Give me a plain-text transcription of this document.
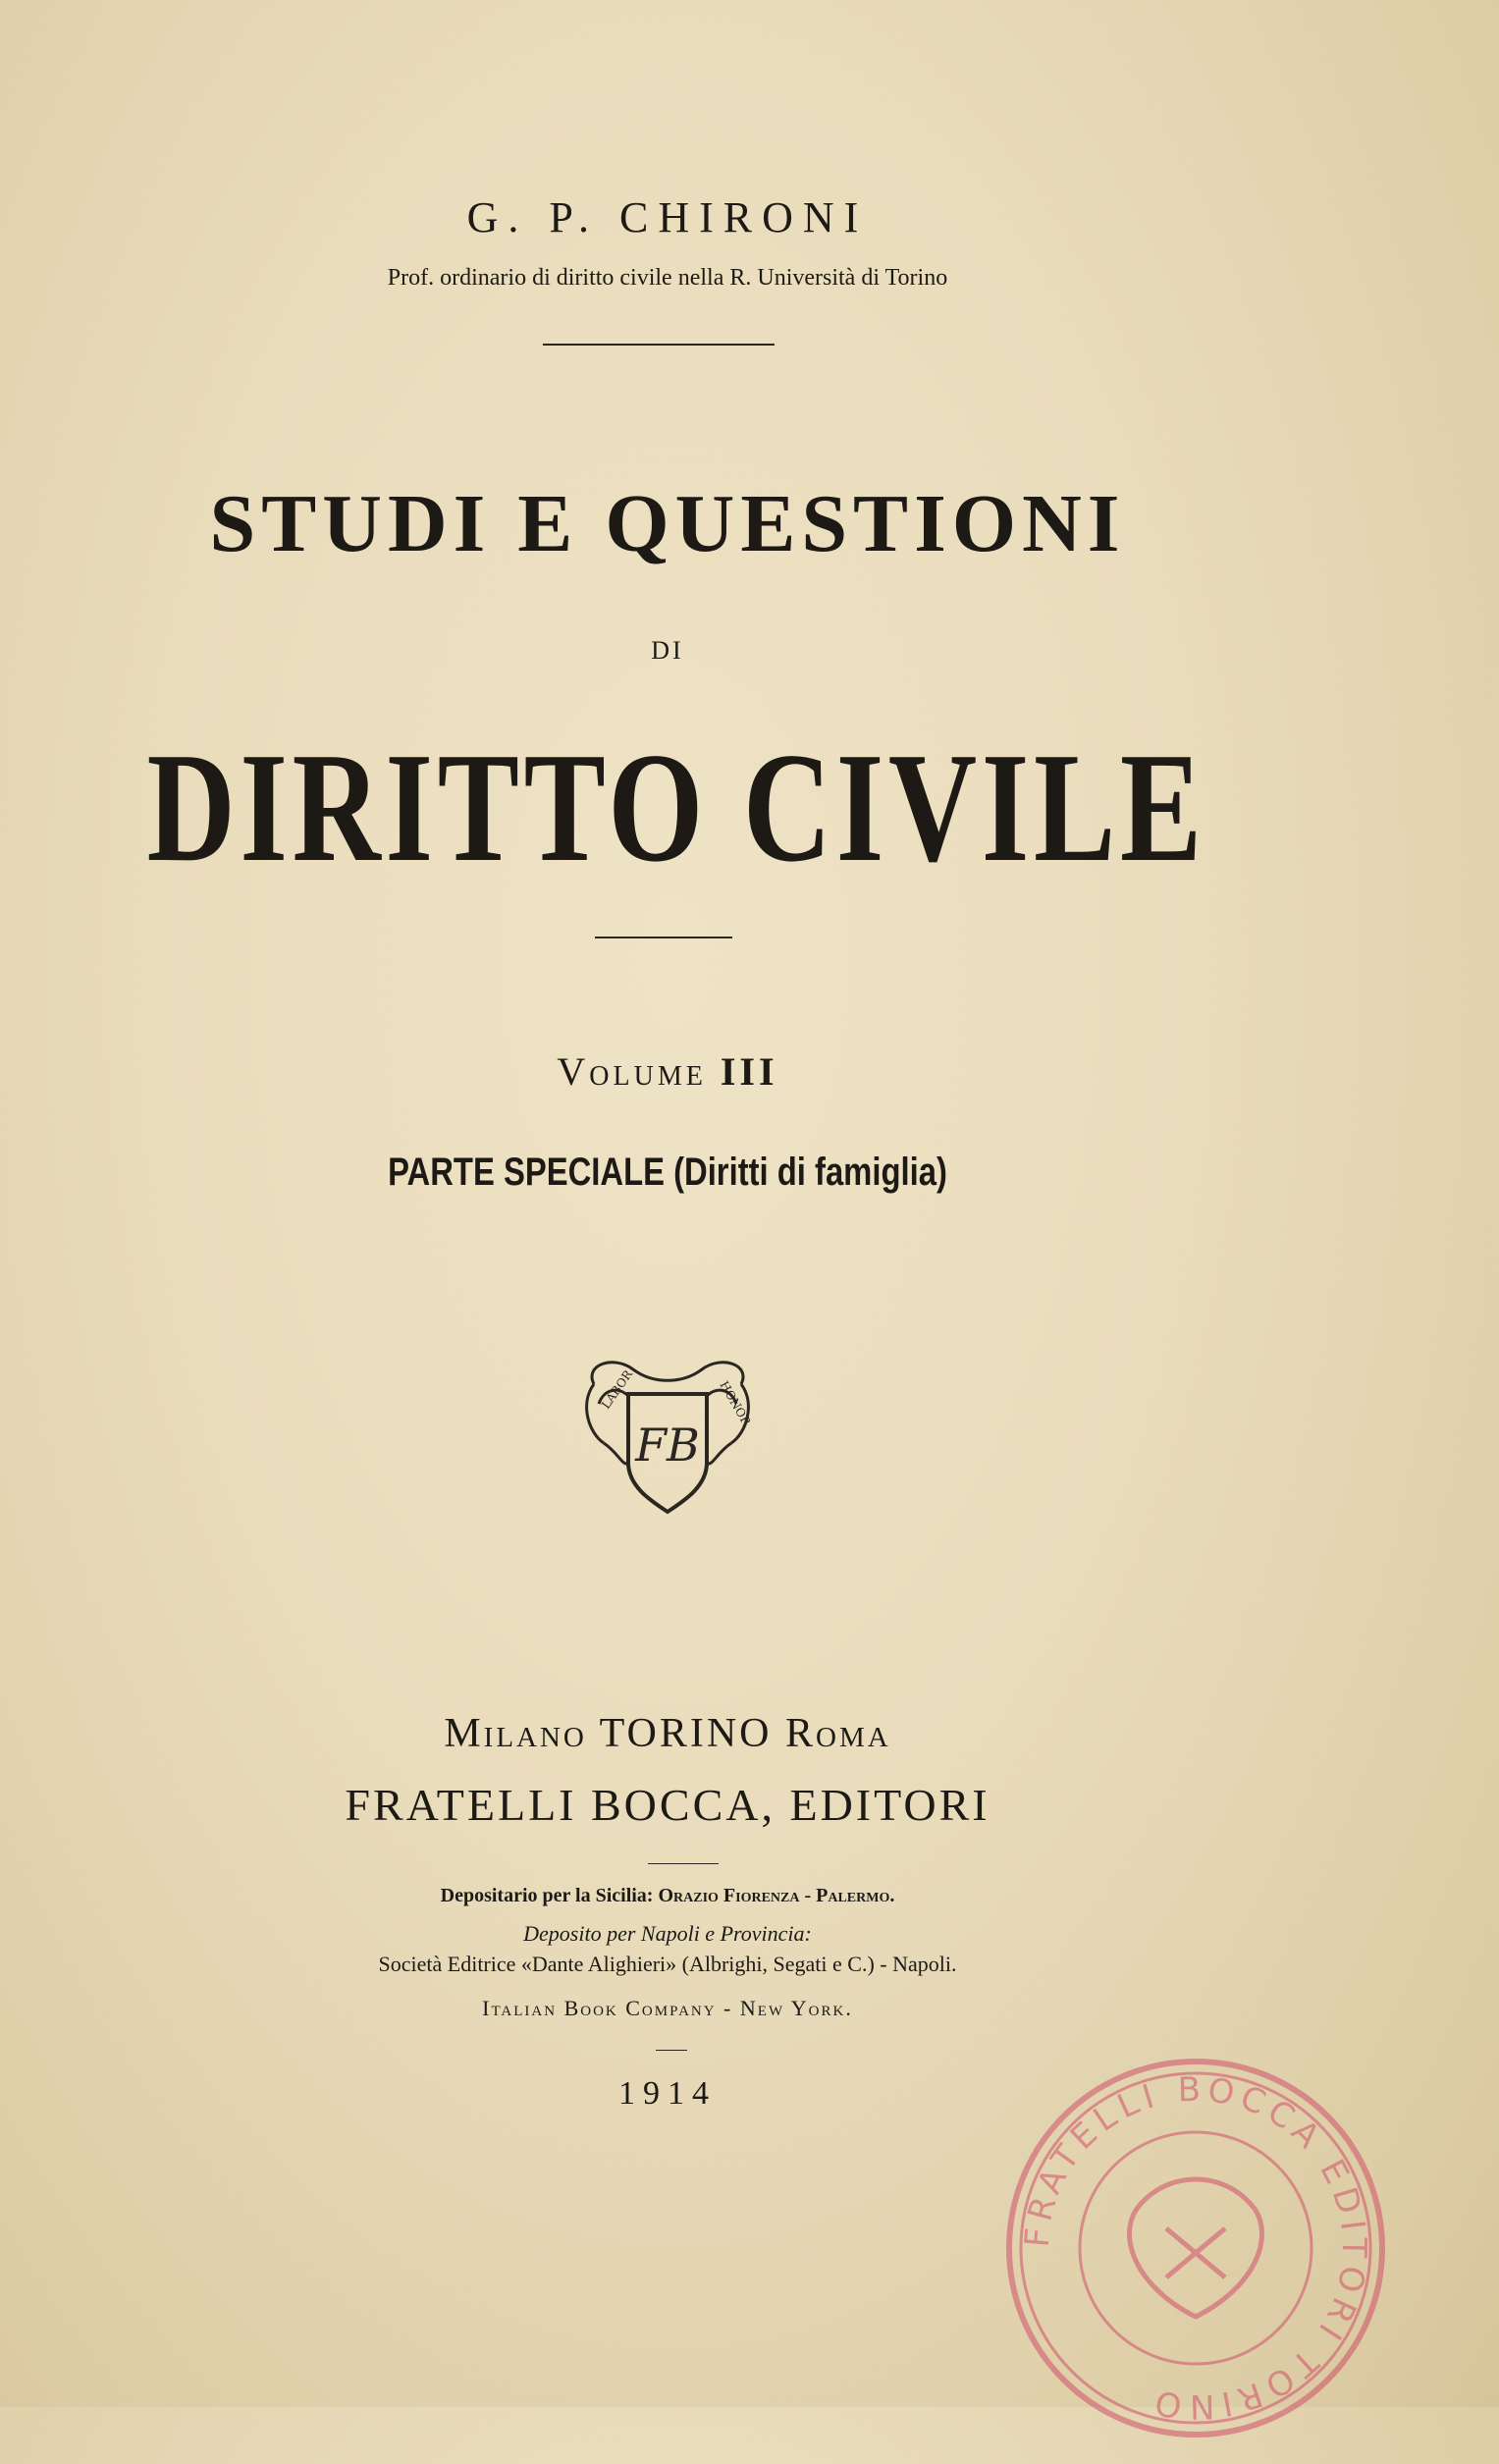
G. P. CHIRONI
Prof. ordinario di diritto civile nella R. Università di Torino
STUDI E QUESTIONI
DI
DIRITTO CIVILE
Volume III
PARTE SPECIALE (Diritti di famiglia)
FB
LABOR	HONOR
Milano TORINO Roma
FRATELLI BOCCA, EDITORI
Depositario per la Sicilia: Orazio Fiorenza - Palermo.
Deposito per Napoli e Provincia:
Società Editrice «Dante Alighieri» (Albrighi, Segati e C.) - Napoli.
Italian Book Company - New York.
1914
FRATELLI BOCCA EDITORI TORINO
